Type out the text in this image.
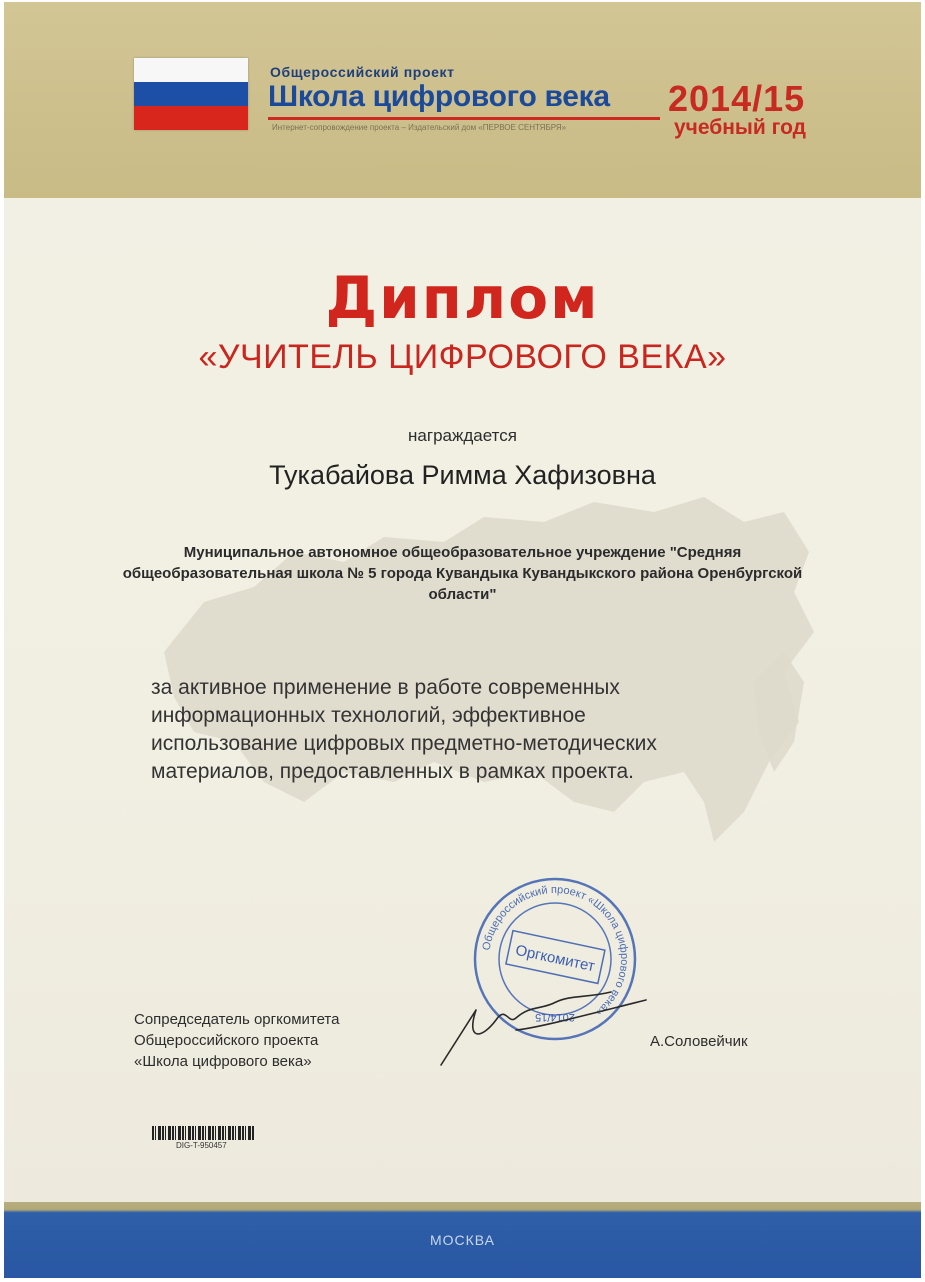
Общероссийский проект
Школа цифрового века
Интернет-сопровождение проекта – Издательский дом «ПЕРВОЕ СЕНТЯБРЯ»
2014/15
учебный год
Диплом
«УЧИТЕЛЬ ЦИФРОВОГО ВЕКА»
награждается
Тукабайова Римма Хафизовна
Муниципальное автономное общеобразовательное учреждение "Средняя общеобразовательная школа № 5 города Кувандыка Кувандыкского района Оренбургской области"
за активное применение в работе современных
информационных технологий, эффективное
использование цифровых предметно-методических
материалов, предоставленных в рамках проекта.
Общероссийский проект «Школа цифрового века»
Оргкомитет
2014/15
Сопредседатель оргкомитета
Общероссийского проекта
«Школа цифрового века»
А.Соловейчик
DIG-T-950457
МОСКВА
